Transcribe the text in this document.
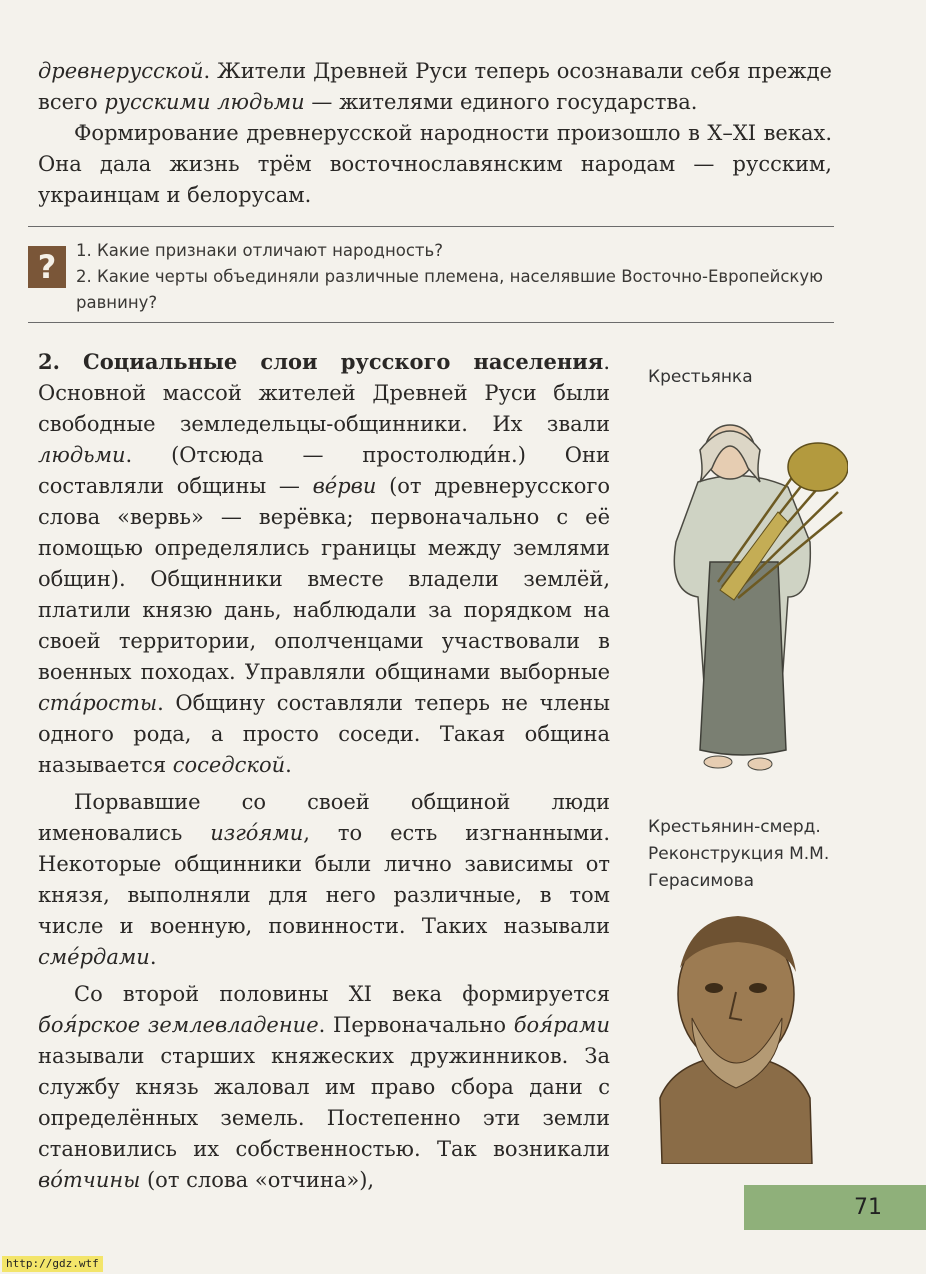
древнерусской. Жители Древней Руси теперь осознавали себя прежде всего русскими людьми — жителями единого государства.

Формирование древнерусской народности произошло в X–XI веках. Она дала жизнь трём восточнославянским народам — русским, украинцам и белорусам.

?	1. Какие признаки отличают народность?
2. Какие черты объединяли различные племена, населявшие Восточно-Европейскую равнину?

2. Социальные слои русского населения. Основной массой жителей Древней Руси были свободные земледельцы-общинники. Их звали людьми. (Отсюда — простолюди́н.) Они составляли общины — ве́рви (от древнерусского слова «вервь» — верёвка; первоначально с её помощью определялись границы между землями общин). Общинники вместе владели землёй, платили князю дань, наблюдали за порядком на своей территории, ополченцами участвовали в военных походах. Управляли общинами выборные ста́росты. Общину составляли теперь не члены одного рода, а просто соседи. Такая община называется соседской.

Порвавшие со своей общиной люди именовались изго́ями, то есть изгнанными. Некоторые общинники были лично зависимы от князя, выполняли для него различные, в том числе и военную, повинности. Таких называли сме́рдами.

Со второй половины XI века формируется боя́рское землевладение. Первоначально боя́рами называли старших княжеских дружинников. За службу князь жаловал им право сбора дани с определённых земель. Постепенно эти земли становились их собственностью. Так возникали во́тчины (от слова «отчина»),

Крестьянка
Крестьянин-смерд. Реконструкция М.М. Герасимова
71
http://gdz.wtf
